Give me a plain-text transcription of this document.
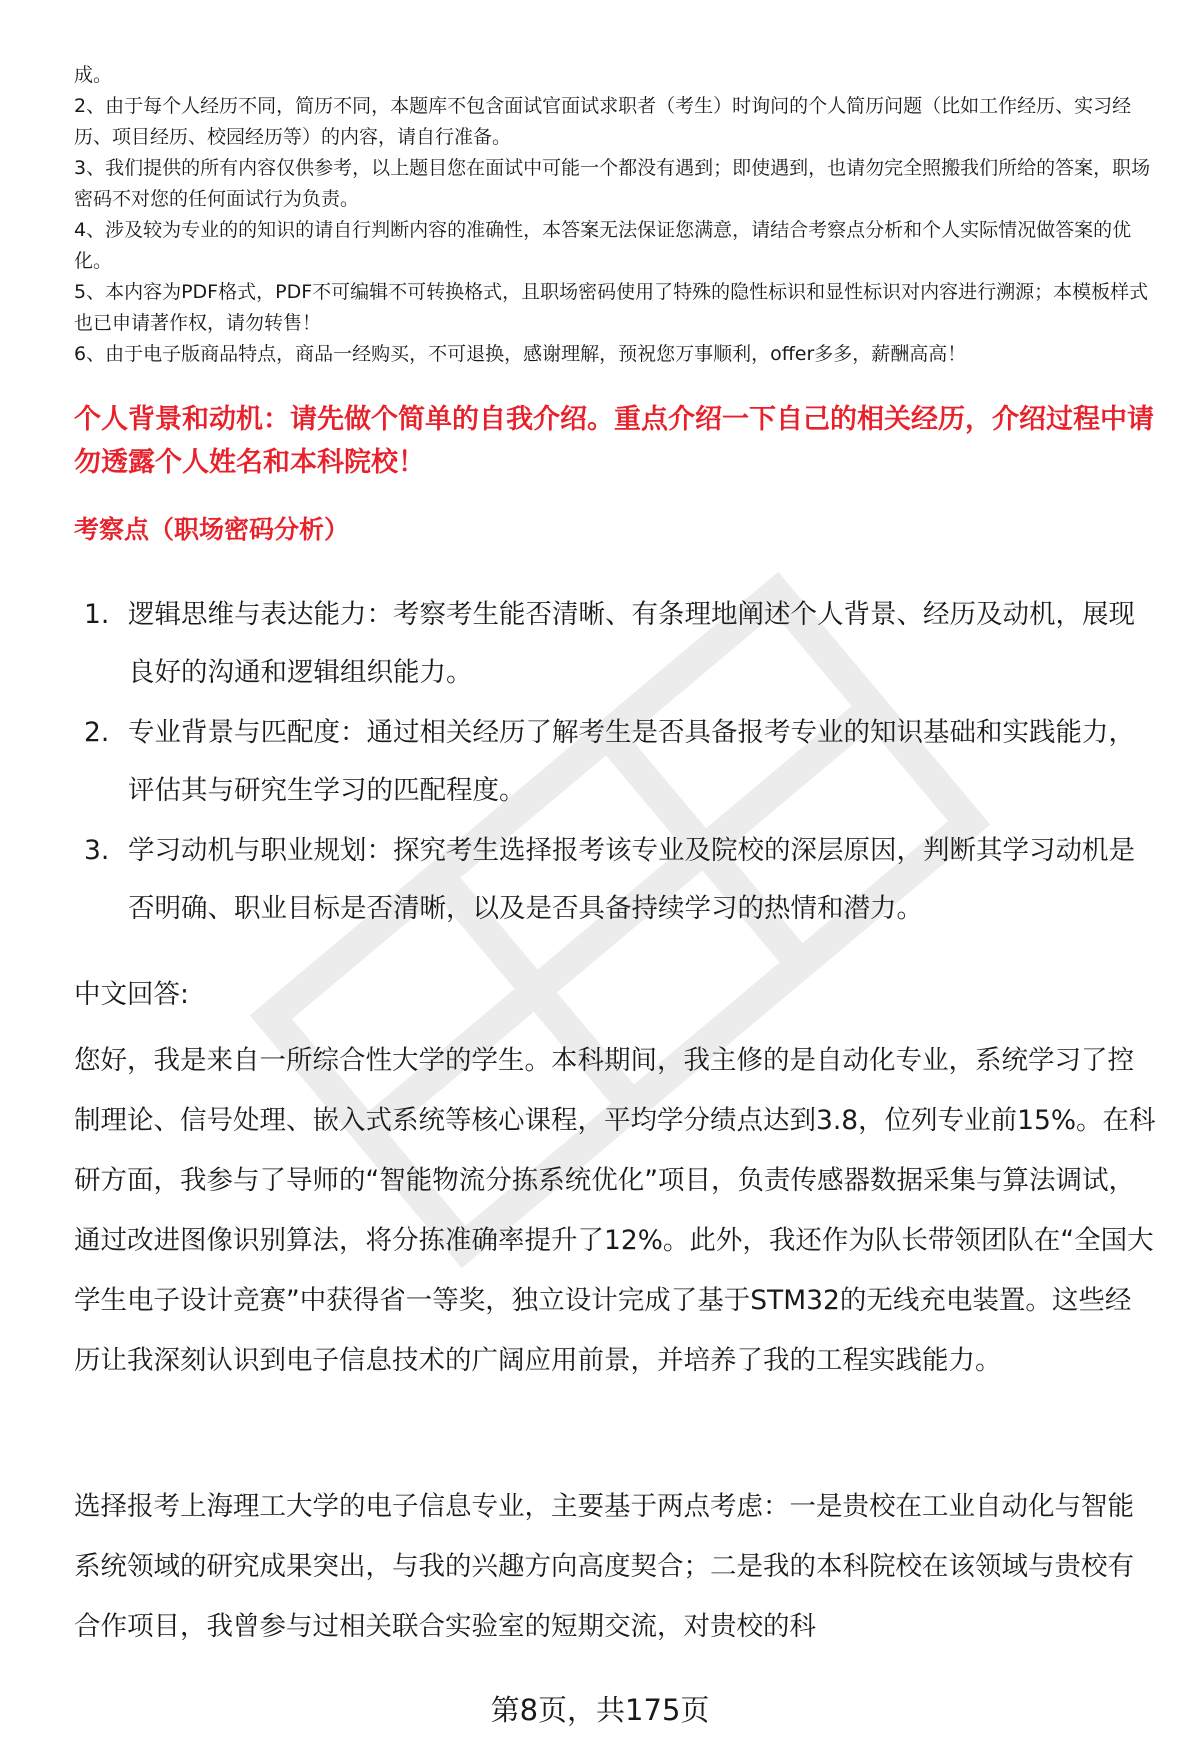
成。

2、由于每个人经历不同，简历不同，本题库不包含面试官面试求职者（考生）时询问的个人简历问题（比如工作经历、实习经历、项目经历、校园经历等）的内容，请自行准备。

3、我们提供的所有内容仅供参考，以上题目您在面试中可能一个都没有遇到；即使遇到，也请勿完全照搬我们所给的答案，职场密码不对您的任何面试行为负责。

4、涉及较为专业的的知识的请自行判断内容的准确性，本答案无法保证您满意，请结合考察点分析和个人实际情况做答案的优化。

5、本内容为PDF格式，PDF不可编辑不可转换格式，且职场密码使用了特殊的隐性标识和显性标识对内容进行溯源；本模板样式也已申请著作权，请勿转售！

6、由于电子版商品特点，商品一经购买，不可退换，感谢理解，预祝您万事顺利，offer多多，薪酬高高！

个人背景和动机：请先做个简单的自我介绍。重点介绍一下自己的相关经历，介绍过程中请勿透露个人姓名和本科院校！
考察点（职场密码分析）
1. 逻辑思维与表达能力：考察考生能否清晰、有条理地阐述个人背景、经历及动机，展现良好的沟通和逻辑组织能力。
2. 专业背景与匹配度：通过相关经历了解考生是否具备报考专业的知识基础和实践能力，评估其与研究生学习的匹配程度。
3. 学习动机与职业规划：探究考生选择报考该专业及院校的深层原因，判断其学习动机是否明确、职业目标是否清晰，以及是否具备持续学习的热情和潜力。
中文回答:

您好，我是来自一所综合性大学的学生。本科期间，我主修的是自动化专业，系统学习了控制理论、信号处理、嵌入式系统等核心课程，平均学分绩点达到3.8，位列专业前15%。在科研方面，我参与了导师的“智能物流分拣系统优化”项目，负责传感器数据采集与算法调试，通过改进图像识别算法，将分拣准确率提升了12%。此外，我还作为队长带领团队在“全国大学生电子设计竞赛”中获得省一等奖，独立设计完成了基于STM32的无线充电装置。这些经历让我深刻认识到电子信息技术的广阔应用前景，并培养了我的工程实践能力。

选择报考上海理工大学的电子信息专业，主要基于两点考虑：一是贵校在工业自动化与智能系统领域的研究成果突出，与我的兴趣方向高度契合；二是我的本科院校在该领域与贵校有合作项目，我曾参与过相关联合实验室的短期交流，对贵校的科

第8页，共175页
